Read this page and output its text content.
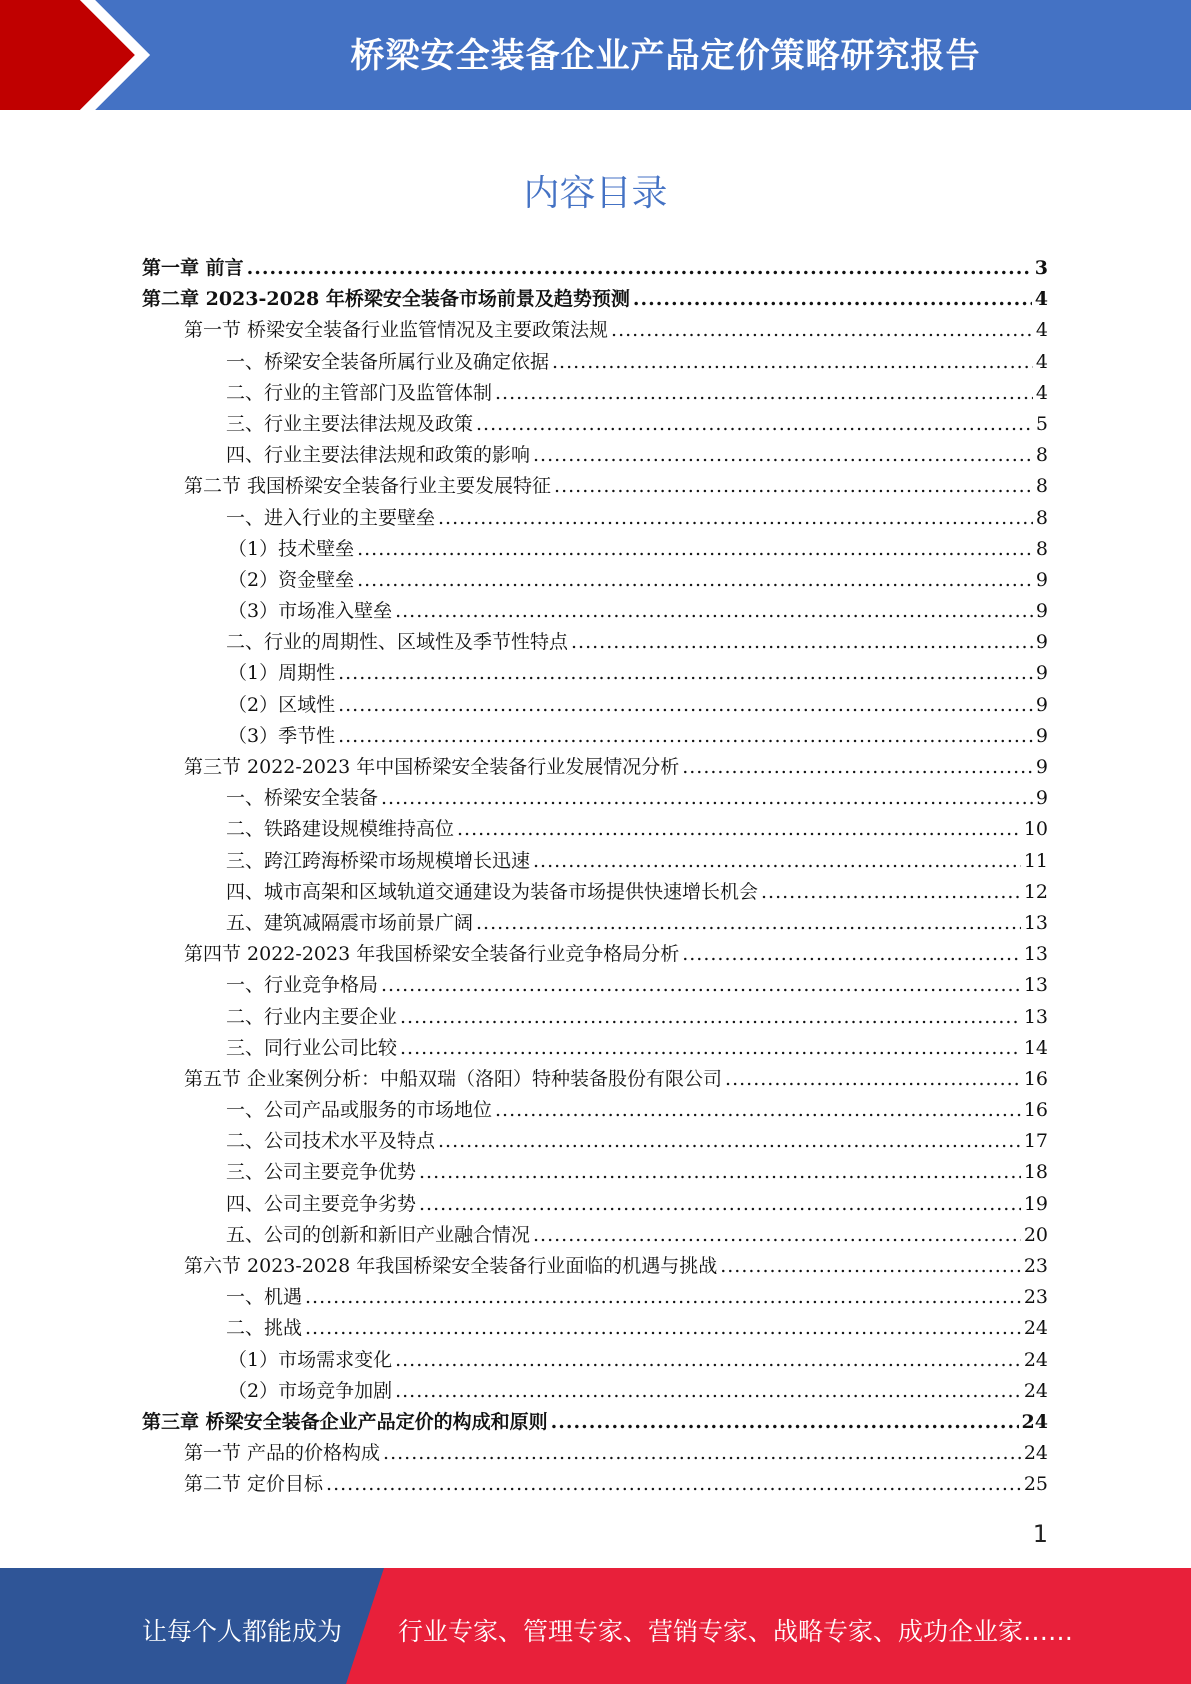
桥梁安全装备企业产品定价策略研究报告
内容目录
第一章 前言 .....	3
第二章 2023-2028 年桥梁安全装备市场前景及趋势预测 .....	4
第一节 桥梁安全装备行业监管情况及主要政策法规 .....	4
一、桥梁安全装备所属行业及确定依据 .....	4
二、行业的主管部门及监管体制 .....	4
三、行业主要法律法规及政策 .....	5
四、行业主要法律法规和政策的影响 .....	8
第二节 我国桥梁安全装备行业主要发展特征 .....	8
一、进入行业的主要壁垒 .....	8
（1）技术壁垒 .....	8
（2）资金壁垒 .....	9
（3）市场准入壁垒 .....	9
二、行业的周期性、区域性及季节性特点 .....	9
（1）周期性 .....	9
（2）区域性 .....	9
（3）季节性 .....	9
第三节 2022-2023 年中国桥梁安全装备行业发展情况分析 .....	9
一、桥梁安全装备 .....	9
二、铁路建设规模维持高位 .....	10
三、跨江跨海桥梁市场规模增长迅速 .....	11
四、城市高架和区域轨道交通建设为装备市场提供快速增长机会 .....	12
五、建筑减隔震市场前景广阔 .....	13
第四节 2022-2023 年我国桥梁安全装备行业竞争格局分析 .....	13
一、行业竞争格局 .....	13
二、行业内主要企业 .....	13
三、同行业公司比较 .....	14
第五节 企业案例分析：中船双瑞（洛阳）特种装备股份有限公司 .....	16
一、公司产品或服务的市场地位 .....	16
二、公司技术水平及特点 .....	17
三、公司主要竞争优势 .....	18
四、公司主要竞争劣势 .....	19
五、公司的创新和新旧产业融合情况 .....	20
第六节 2023-2028 年我国桥梁安全装备行业面临的机遇与挑战 .....	23
一、机遇 .....	23
二、挑战 .....	24
（1）市场需求变化 .....	24
（2）市场竞争加剧 .....	24
第三章 桥梁安全装备企业产品定价的构成和原则 .....	24
第一节 产品的价格构成 .....	24
第二节 定价目标 .....	25
1
让每个人都能成为 行业专家、管理专家、营销专家、战略专家、成功企业家……
